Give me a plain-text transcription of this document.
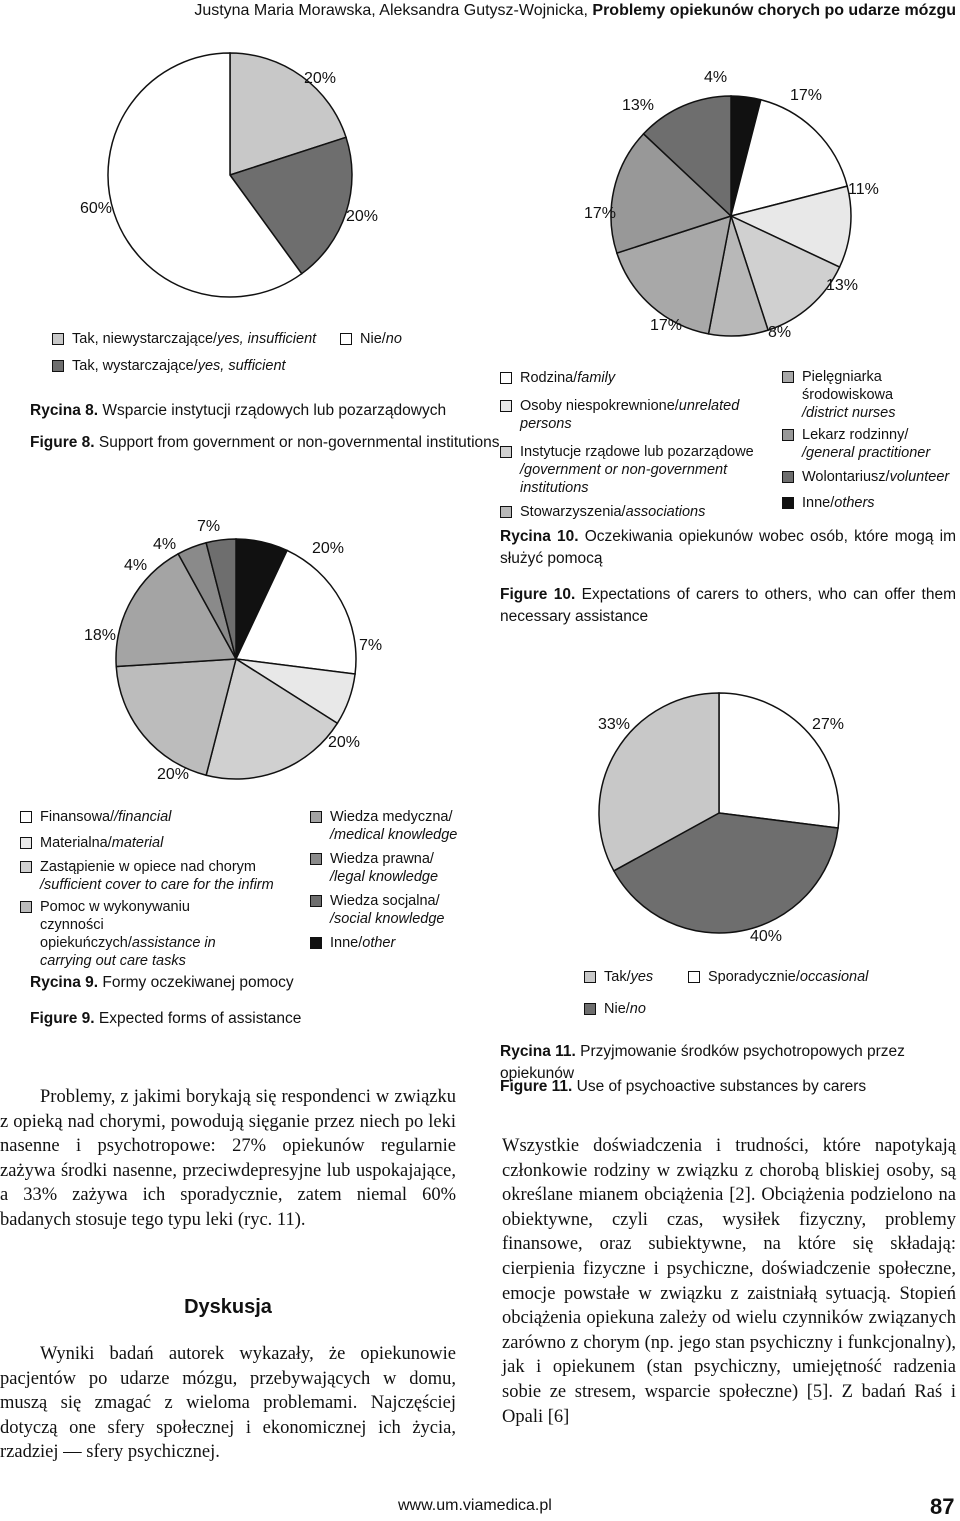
Justyna Maria Morawska, Aleksandra Gutysz-Wojnicka, Problemy opiekunów chorych po udarze mózgu
20%
20%
60%
4%
17%
11%
13%
8%
17%
17%
13%
7%
20%
7%
20%
20%
18%
4%
4%
27%
40%
33%
Tak, niewystarczające/yes, insufficient
Tak, wystarczające/yes, sufficient
Nie/no
Rycina 8. Wsparcie instytucji rządowych lub pozarządowych
Figure 8. Support from government or non-governmental institutions
Rodzina/family
Osoby niespokrewnione/unrelated persons
Instytucje rządowe lub pozarządowe
/government or non-government institutions
Stowarzyszenia/associations
Pielęgniarka środowiskowa
/district nurses
Lekarz rodzinny/
/general practitioner
Wolontariusz/volunteer
Inne/others
Rycina 10. Oczekiwania opiekunów wobec osób, które mogą im służyć pomocą
Figure 10. Expectations of carers to others, who can offer them necessary assistance
Finansowa//financial
Materialna/material
Zastąpienie w opiece nad chorym
/sufficient cover to care for the infirm
Pomoc w wykonywaniu czynności opiekuńczych/assistance in carrying out care tasks
Wiedza medyczna/
/medical knowledge
Wiedza prawna/
/legal knowledge
Wiedza socjalna/
/social knowledge
Inne/other
Rycina 9. Formy oczekiwanej pomocy
Figure 9. Expected forms of assistance
Tak/yes
Nie/no
Sporadycznie/occasional
Rycina 11. Przyjmowanie środków psychotropowych przez opiekunów
Figure 11. Use of psychoactive substances by carers

Problemy, z jakimi borykają się respondenci w związku z opieką nad chorymi, powodują sięganie przez niech po leki nasenne i psychotropowe: 27% opiekunów regularnie zażywa środki nasenne, przeciwdepresyjne lub uspokajające, a 33% zażywa ich sporadycznie, zatem niemal 60% badanych stosuje tego typu leki (ryc. 11).

Dyskusja

Wyniki badań autorek wykazały, że opiekunowie pacjentów po udarze mózgu, przebywających w domu, muszą się zmagać z wieloma problemami. Najczęściej dotyczą one sfery społecznej i ekonomicznej ich życia, rzadziej — sfery psychicznej.

Wszystkie doświadczenia i trudności, które napotykają członkowie rodziny w związku z chorobą bliskiej osoby, są określane mianem obciążenia [2]. Obciążenia podzielono na obiektywne, czyli czas, wysiłek fizyczny, problemy finansowe, oraz subiektywne, na które się składają: cierpienia fizyczne i psychiczne, doświadczenie społeczne, emocje powstałe w związku z zaistniałą sytuacją. Stopień obciążenia opiekuna zależy od wielu czynników związanych zarówno z chorym (np. jego stan psychiczny i funkcjonalny), jak i opiekunem (stan psychiczny, umiejętność radzenia sobie ze stresem, wsparcie społeczne) [5]. Z badań Raś i Opali [6]

www.um.viamedica.pl	87
